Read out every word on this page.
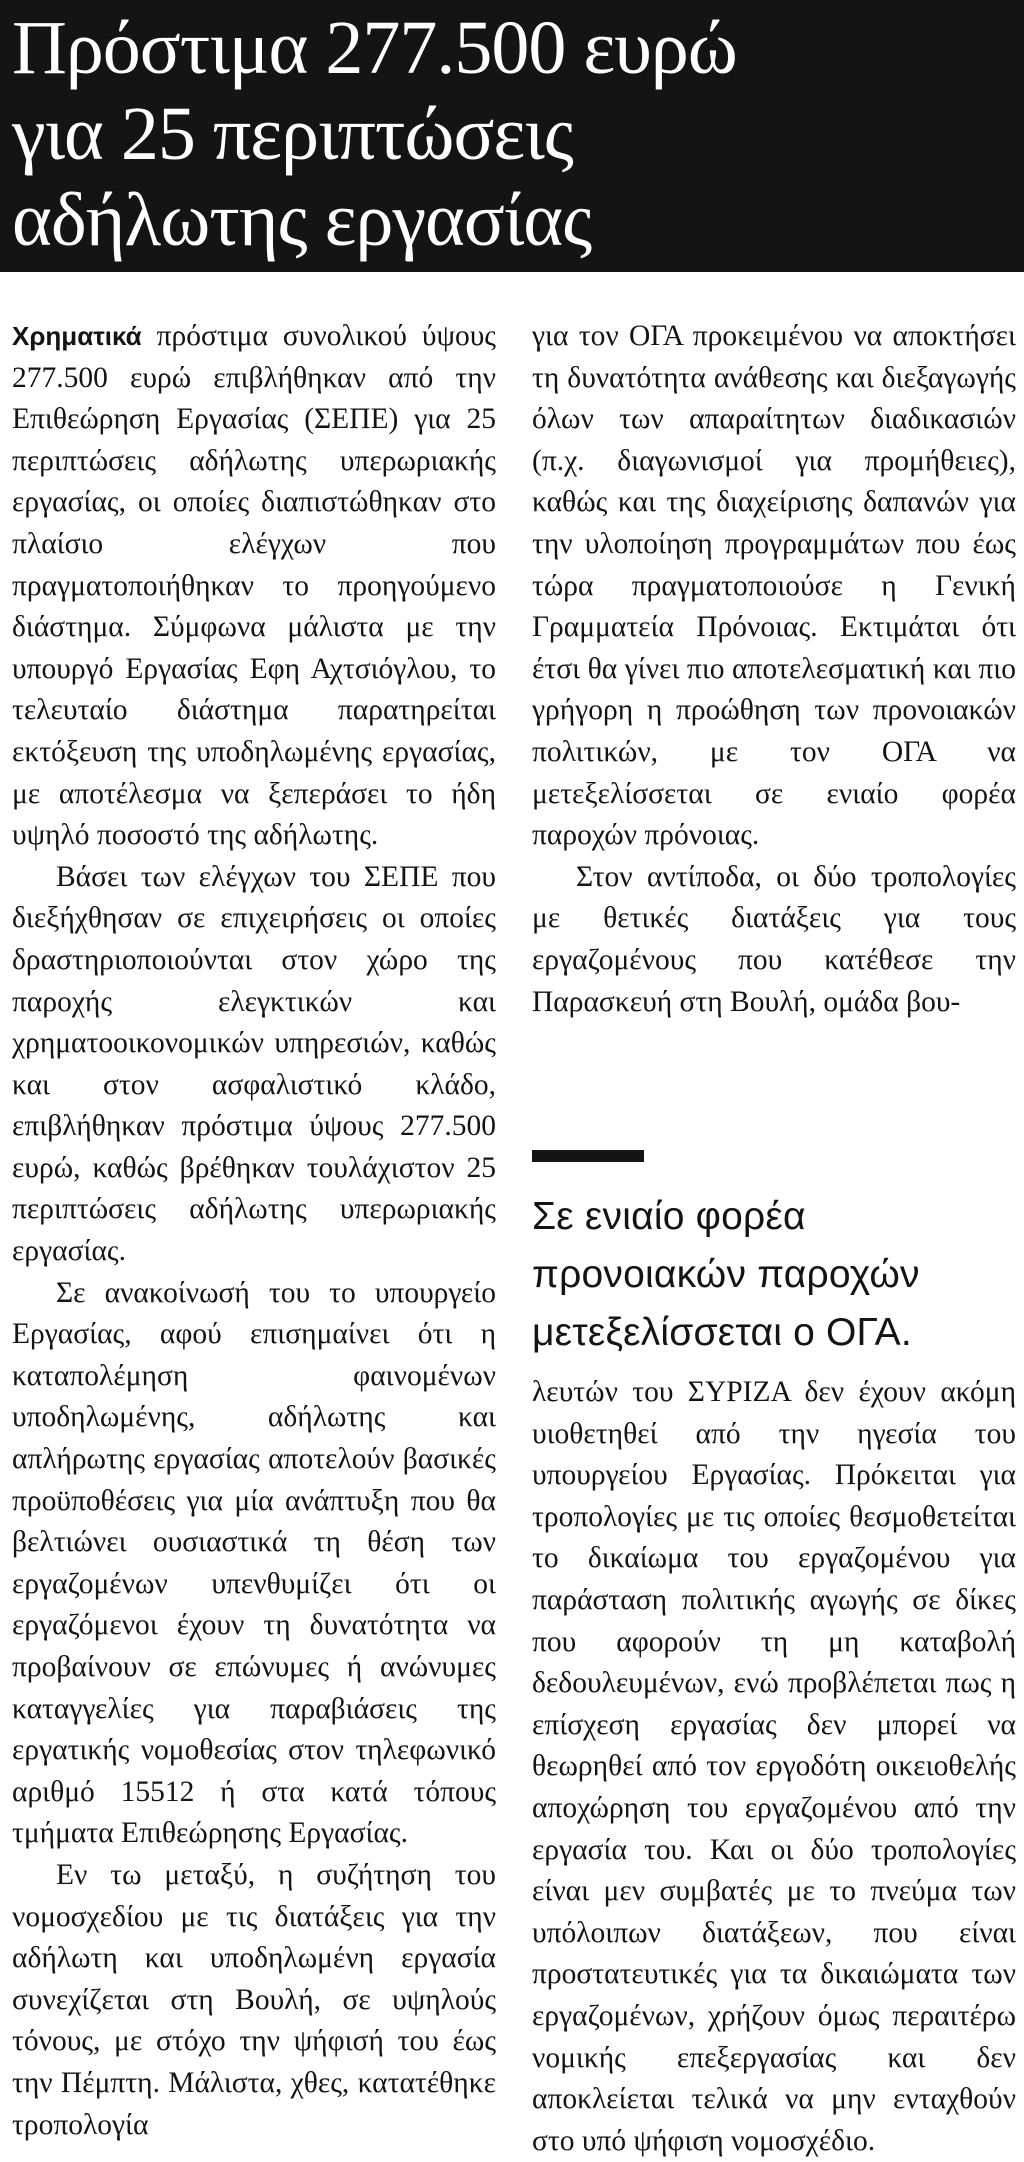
Πρόστιμα 277.500 ευρώ
για 25 περιπτώσεις
αδήλωτης εργασίας

Χρηματικά πρόστιμα συνολικού ύψους 277.500 ευρώ επιβλήθηκαν από την Επιθεώρηση Εργασίας (ΣΕΠΕ) για 25 περιπτώσεις αδήλωτης υπερωριακής εργασίας, οι οποίες διαπιστώθηκαν στο πλαίσιο ελέγχων που πραγματοποιήθηκαν το προηγούμενο διάστημα. Σύμφωνα μάλιστα με την υπουργό Εργασίας Εφη Αχτσιόγλου, το τελευταίο διάστημα παρατηρείται εκτόξευση της υποδηλωμένης εργασίας, με αποτέλεσμα να ξεπεράσει το ήδη υψηλό ποσοστό της αδήλωτης.

Βάσει των ελέγχων του ΣΕΠΕ που διεξήχθησαν σε επιχειρήσεις οι οποίες δραστηριοποιούνται στον χώρο της παροχής ελεγκτικών και χρηματοοικονομικών υπηρεσιών, καθώς και στον ασφαλιστικό κλάδο, επιβλήθηκαν πρόστιμα ύψους 277.500 ευρώ, καθώς βρέθηκαν τουλάχιστον 25 περιπτώσεις αδήλωτης υπερωριακής εργασίας.

Σε ανακοίνωσή του το υπουργείο Εργασίας, αφού επισημαίνει ότι η καταπολέμηση φαινομένων υποδηλωμένης, αδήλωτης και απλήρωτης εργασίας αποτελούν βασικές προϋποθέσεις για μία ανάπτυξη που θα βελτιώνει ουσιαστικά τη θέση των εργαζομένων υπενθυμίζει ότι οι εργαζόμενοι έχουν τη δυνατότητα να προβαίνουν σε επώνυμες ή ανώνυμες καταγγελίες για παραβιάσεις της εργατικής νομοθεσίας στον τηλεφωνικό αριθμό 15512 ή στα κατά τόπους τμήματα Επιθεώρησης Εργασίας.

Εν τω μεταξύ, η συζήτηση του νομοσχεδίου με τις διατάξεις για την αδήλωτη και υποδηλωμένη εργασία συνεχίζεται στη Βουλή, σε υψηλούς τόνους, με στόχο την ψήφισή του έως την Πέμπτη. Μάλιστα, χθες, κατατέθηκε τροπολογία

για τον ΟΓΑ προκειμένου να αποκτήσει τη δυνατότητα ανάθεσης και διεξαγωγής όλων των απαραίτητων διαδικασιών (π.χ. διαγωνισμοί για προμήθειες), καθώς και της διαχείρισης δαπανών για την υλοποίηση προγραμμάτων που έως τώρα πραγματοποιούσε η Γενική Γραμματεία Πρόνοιας. Εκτιμάται ότι έτσι θα γίνει πιο αποτελεσματική και πιο γρήγορη η προώθηση των προνοιακών πολιτικών, με τον ΟΓΑ να μετεξελίσσεται σε ενιαίο φορέα παροχών πρόνοιας.

Στον αντίποδα, οι δύο τροπολογίες με θετικές διατάξεις για τους εργαζομένους που κατέθεσε την Παρασκευή στη Βουλή, ομάδα βου-

Σε ενιαίο φορέα προνοιακών παροχών μετεξελίσσεται ο ΟΓΑ.

λευτών του ΣΥΡΙΖΑ δεν έχουν ακόμη υιοθετηθεί από την ηγεσία του υπουργείου Εργασίας. Πρόκειται για τροπολογίες με τις οποίες θεσμοθετείται το δικαίωμα του εργαζομένου για παράσταση πολιτικής αγωγής σε δίκες που αφορούν τη μη καταβολή δεδουλευμένων, ενώ προβλέπεται πως η επίσχεση εργασίας δεν μπορεί να θεωρηθεί από τον εργοδότη οικειοθελής αποχώρηση του εργαζομένου από την εργασία του. Και οι δύο τροπολογίες είναι μεν συμβατές με το πνεύμα των υπόλοιπων διατάξεων, που είναι προστατευτικές για τα δικαιώματα των εργαζομένων, χρήζουν όμως περαιτέρω νομικής επεξεργασίας και δεν αποκλείεται τελικά να μην ενταχθούν στο υπό ψήφιση νομοσχέδιο.
